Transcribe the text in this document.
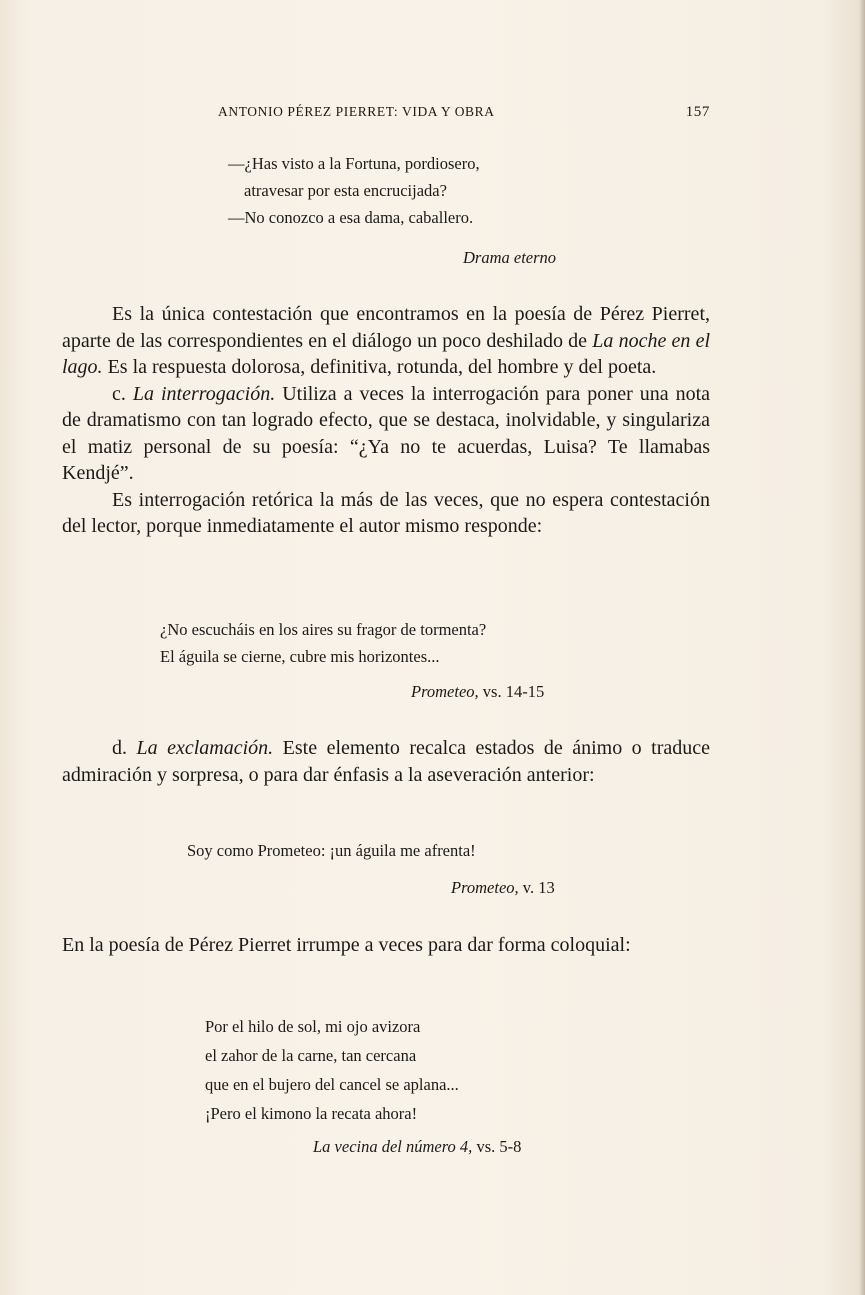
ANTONIO PÉREZ PIERRET: VIDA Y OBRA	157
—¿Has visto a la Fortuna, pordiosero,
atravesar por esta encrucijada?
—No conozco a esa dama, caballero.
Drama eterno

Es la única contestación que encontramos en la poesía de Pérez Pierret, aparte de las correspondientes en el diálogo un poco deshilado de La noche en el lago. Es la respuesta dolorosa, definitiva, rotunda, del hombre y del poeta.

c. La interrogación. Utiliza a veces la interrogación para poner una nota de dramatismo con tan logrado efecto, que se destaca, inolvidable, y singulariza el matiz personal de su poesía: “¿Ya no te acuerdas, Luisa? Te llamabas Kendjé”.

Es interrogación retórica la más de las veces, que no espera contestación del lector, porque inmediatamente el autor mismo responde:

¿No escucháis en los aires su fragor de tormenta?
El águila se cierne, cubre mis horizontes...
Prometeo, vs. 14-15

d. La exclamación. Este elemento recalca estados de ánimo o traduce admiración y sorpresa, o para dar énfasis a la aseveración anterior:

Soy como Prometeo: ¡un águila me afrenta!
Prometeo, v. 13

En la poesía de Pérez Pierret irrumpe a veces para dar forma coloquial:

Por el hilo de sol, mi ojo avizora
el zahor de la carne, tan cercana
que en el bujero del cancel se aplana...
¡Pero el kimono la recata ahora!
La vecina del número 4, vs. 5-8
